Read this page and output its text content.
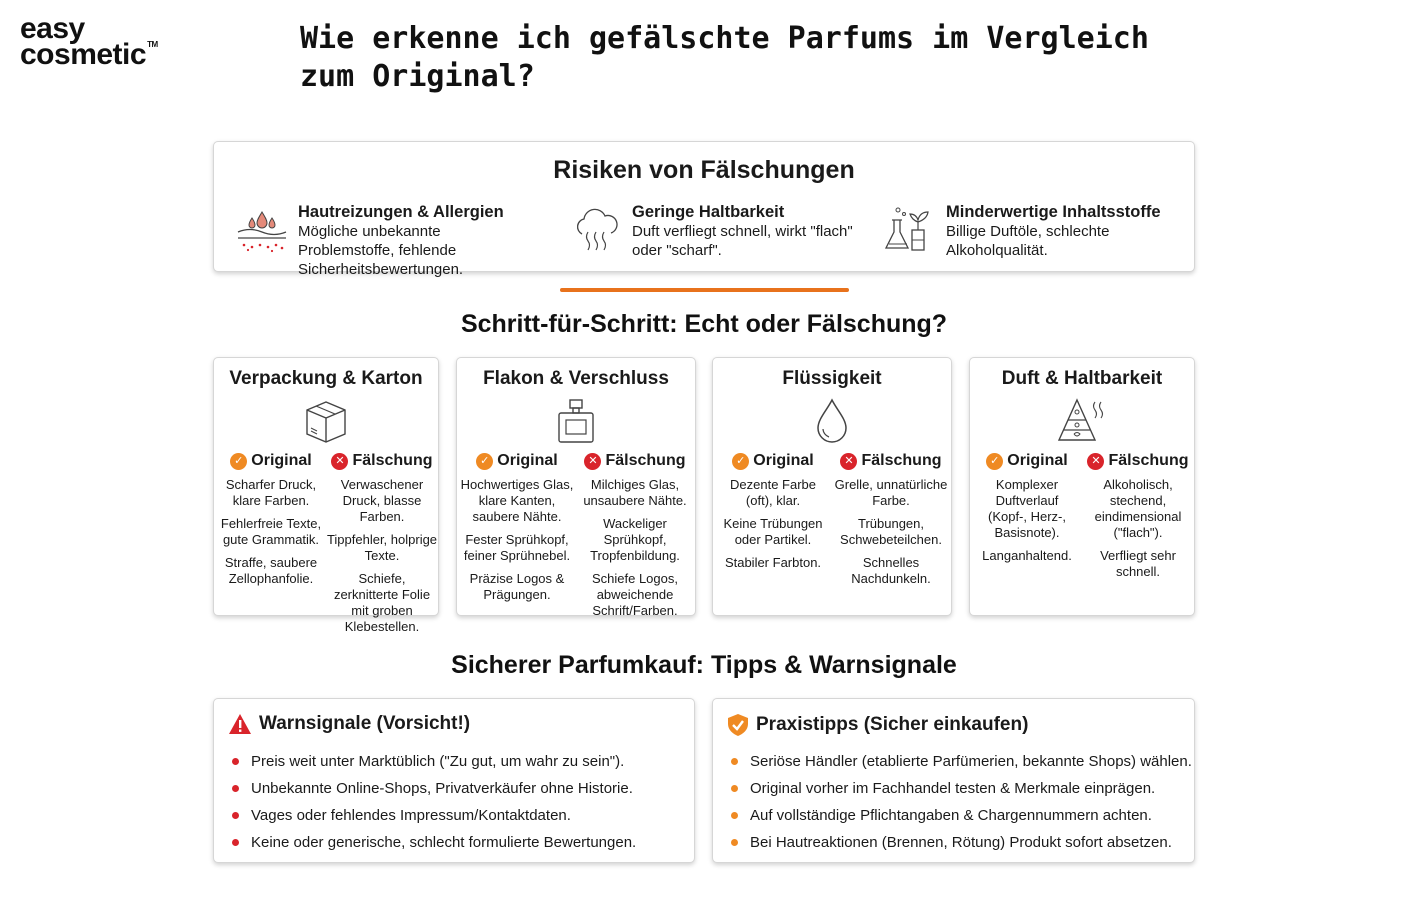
easy
cosmetic™	Wie erkenne ich gefälschte Parfums im Vergleich zum Original?
Risiken von Fälschungen
Hautreizungen & Allergien
Mögliche unbekannte Problemstoffe, fehlende Sicherheitsbewertungen.
Geringe Haltbarkeit
Duft verfliegt schnell, wirkt "flach" oder "scharf".
Minderwertige Inhaltsstoffe
Billige Duftöle, schlechte Alkoholqualität.
Schritt-für-Schritt: Echt oder Fälschung?
Verpackung & Karton
✓ Original

Scharfer Druck, klare Farben.

Fehlerfreie Texte, gute Grammatik.

Straffe, saubere Zellophanfolie.

✕ Fälschung

Verwaschener Druck, blasse Farben.

Tippfehler, holprige Texte.

Schiefe, zerknitterte Folie mit groben Klebestellen.

Flakon & Verschluss
✓ Original

Hochwertiges Glas, klare Kanten, saubere Nähte.

Fester Sprühkopf, feiner Sprühnebel.

Präzise Logos & Prägungen.

✕ Fälschung

Milchiges Glas, unsaubere Nähte.

Wackeliger Sprühkopf, Tropfenbildung.

Schiefe Logos, abweichende Schrift/Farben.

Flüssigkeit
✓ Original

Dezente Farbe (oft), klar.

Keine Trübungen oder Partikel.

Stabiler Farbton.

✕ Fälschung

Grelle, unnatürliche Farbe.

Trübungen, Schwebeteilchen.

Schnelles Nachdunkeln.

Duft & Haltbarkeit
✓ Original

Komplexer Duftverlauf (Kopf-, Herz-, Basisnote).

Langanhaltend.

✕ Fälschung

Alkoholisch, stechend, eindimensional ("flach").

Verfliegt sehr schnell.

Sicherer Parfumkauf: Tipps & Warnsignale
Warnsignale (Vorsicht!)
Preis weit unter Marktüblich ("Zu gut, um wahr zu sein").
Unbekannte Online-Shops, Privatverkäufer ohne Historie.
Vages oder fehlendes Impressum/Kontaktdaten.
Keine oder generische, schlecht formulierte Bewertungen.
Praxistipps (Sicher einkaufen)
Seriöse Händler (etablierte Parfümerien, bekannte Shops) wählen.
Original vorher im Fachhandel testen & Merkmale einprägen.
Auf vollständige Pflichtangaben & Chargennummern achten.
Bei Hautreaktionen (Brennen, Rötung) Produkt sofort absetzen.
